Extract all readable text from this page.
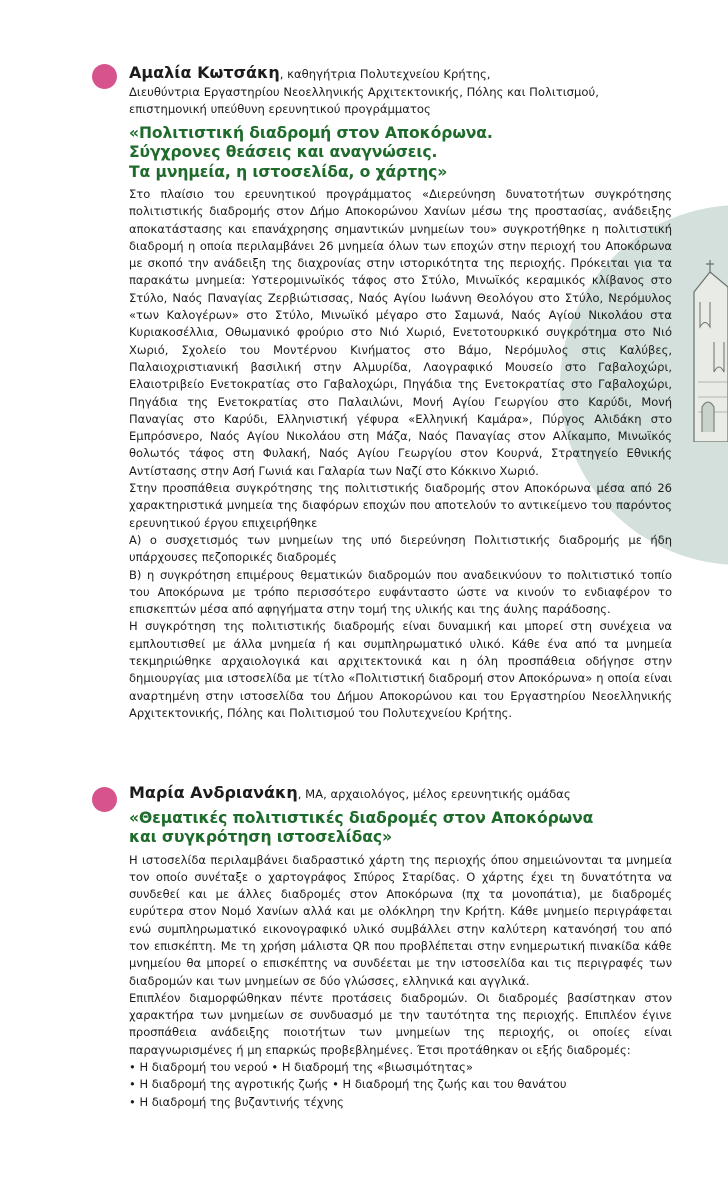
Αμαλία Κωτσάκη, καθηγήτρια Πολυτεχνείου Κρήτης,
Διευθύντρια Εργαστηρίου Νεοελληνικής Αρχιτεκτονικής, Πόλης και Πολιτισμού,
επιστημονική υπεύθυνη ερευνητικού προγράμματος
«Πολιτιστική διαδρομή στον Αποκόρωνα.
Σύγχρονες θεάσεις και αναγνώσεις.
Τα μνημεία, η ιστοσελίδα, ο χάρτης»

Στο πλαίσιο του ερευνητικού προγράμματος «Διερεύνηση δυνατοτήτων συγκρότησης πολιτιστικής διαδρομής στον Δήμο Αποκορώνου Χανίων μέσω της προστασίας, ανάδειξης αποκατάστασης και επανάχρησης σημαντικών μνημείων του» συγκροτήθηκε η πολιτιστική διαδρομή η οποία περιλαμβάνει 26 μνημεία όλων των εποχών στην περιοχή του Αποκόρωνα με σκοπό την ανάδειξη της διαχρονίας στην ιστορικότητα της περιοχής. Πρόκειται για τα παρακάτω μνημεία: Υστερομινωϊκός τάφος στο Στύλο, Μινωϊκός κεραμικός κλίβανος στο Στύλο, Ναός Παναγίας Ζερβιώτισσας, Ναός Αγίου Ιωάννη Θεολόγου στο Στύλο, Νερόμυλος «των Καλογέρων» στο Στύλο, Μινωϊκό μέγαρο στο Σαμωνά, Ναός Αγίου Νικολάου στα Κυριακοσέλλια, Οθωμανικό φρούριο στο Νιό Χωριό, Ενετοτουρκικό συγκρότημα στο Νιό Χωριό, Σχολείο του Μοντέρνου Κινήματος στο Βάμο, Νερόμυλος στις Καλύβες, Παλαιοχριστιανική βασιλική στην Αλμυρίδα, Λαογραφικό Μουσείο στο Γαβαλοχώρι, Ελαιοτριβείο Ενετοκρατίας στο Γαβαλοχώρι, Πηγάδια της Ενετοκρατίας στο Γαβαλοχώρι, Πηγάδια της Ενετοκρατίας στο Παλαιλώνι, Μονή Αγίου Γεωργίου στο Καρύδι, Μονή Παναγίας στο Καρύδι, Ελληνιστική γέφυρα «Ελληνική Καμάρα», Πύργος Αλιδάκη στο Εμπρόσνερο, Ναός Αγίου Νικολάου στη Μάζα, Ναός Παναγίας στον Αλίκαμπο, Μινωϊκός θολωτός τάφος στη Φυλακή, Ναός Αγίου Γεωργίου στον Κουρνά, Στρατηγείο Εθνικής Αντίστασης στην Ασή Γωνιά και Γαλαρία των Ναζί στο Κόκκινο Χωριό.

Στην προσπάθεια συγκρότησης της πολιτιστικής διαδρομής στον Αποκόρωνα μέσα από 26 χαρακτηριστικά μνημεία της διαφόρων εποχών που αποτελούν το αντικείμενο του παρόντος ερευνητικού έργου επιχειρήθηκε

Α) ο συσχετισμός των μνημείων της υπό διερεύνηση Πολιτιστικής διαδρομής με ήδη υπάρχουσες πεζοπορικές διαδρομές

Β) η συγκρότηση επιμέρους θεματικών διαδρομών που αναδεικνύουν το πολιτιστικό τοπίο του Αποκόρωνα με τρόπο περισσότερο ευφάνταστο ώστε να κινούν το ενδιαφέρον το επισκεπτών μέσα από αφηγήματα στην τομή της υλικής και της άυλης παράδοσης.

Η συγκρότηση της πολιτιστικής διαδρομής είναι δυναμική και μπορεί στη συνέχεια να εμπλουτισθεί με άλλα μνημεία ή και συμπληρωματικό υλικό. Κάθε ένα από τα μνημεία τεκμηριώθηκε αρχαιολογικά και αρχιτεκτονικά και η όλη προσπάθεια οδήγησε στην δημιουργίας μια ιστοσελίδα με τίτλο «Πολιτιστική διαδρομή στον Αποκόρωνα» η οποία είναι αναρτημένη στην ιστοσελίδα του Δήμου Αποκορώνου και του Εργαστηρίου Νεοελληνικής Αρχιτεκτονικής, Πόλης και Πολιτισμού του Πολυτεχνείου Κρήτης.

Μαρία Ανδριανάκη, MA, αρχαιολόγος, μέλος ερευνητικής ομάδας
«Θεματικές πολιτιστικές διαδρομές στον Αποκόρωνα
και συγκρότηση ιστοσελίδας»

Η ιστοσελίδα περιλαμβάνει διαδραστικό χάρτη της περιοχής όπου σημειώνονται τα μνημεία τον οποίο συνέταξε ο χαρτογράφος Σπύρος Σταρίδας. Ο χάρτης έχει τη δυνατότητα να συνδεθεί και με άλλες διαδρομές στον Αποκόρωνα (πχ τα μονοπάτια), με διαδρομές ευρύτερα στον Νομό Χανίων αλλά και με ολόκληρη την Κρήτη. Κάθε μνημείο περιγράφεται ενώ συμπληρωματικό εικονογραφικό υλικό συμβάλλει στην καλύτερη κατανόησή του από τον επισκέπτη. Με τη χρήση μάλιστα QR που προβλέπεται στην ενημερωτική πινακίδα κάθε μνημείου θα μπορεί ο επισκέπτης να συνδέεται με την ιστοσελίδα και τις περιγραφές των διαδρομών και των μνημείων σε δύο γλώσσες, ελληνικά και αγγλικά.

Επιπλέον διαμορφώθηκαν πέντε προτάσεις διαδρομών. Οι διαδρομές βασίστηκαν στον χαρακτήρα των μνημείων σε συνδυασμό με την ταυτότητα της περιοχής. Επιπλέον έγινε προσπάθεια ανάδειξης ποιοτήτων των μνημείων της περιοχής, οι οποίες είναι παραγνωρισμένες ή μη επαρκώς προβεβλημένες. Έτσι προτάθηκαν οι εξής διαδρομές:

• Η διαδρομή του νερού • Η διαδρομή της «βιωσιμότητας»

• Η διαδρομή της αγροτικής ζωής • Η διαδρομή της ζωής και του θανάτου

• Η διαδρομή της βυζαντινής τέχνης
